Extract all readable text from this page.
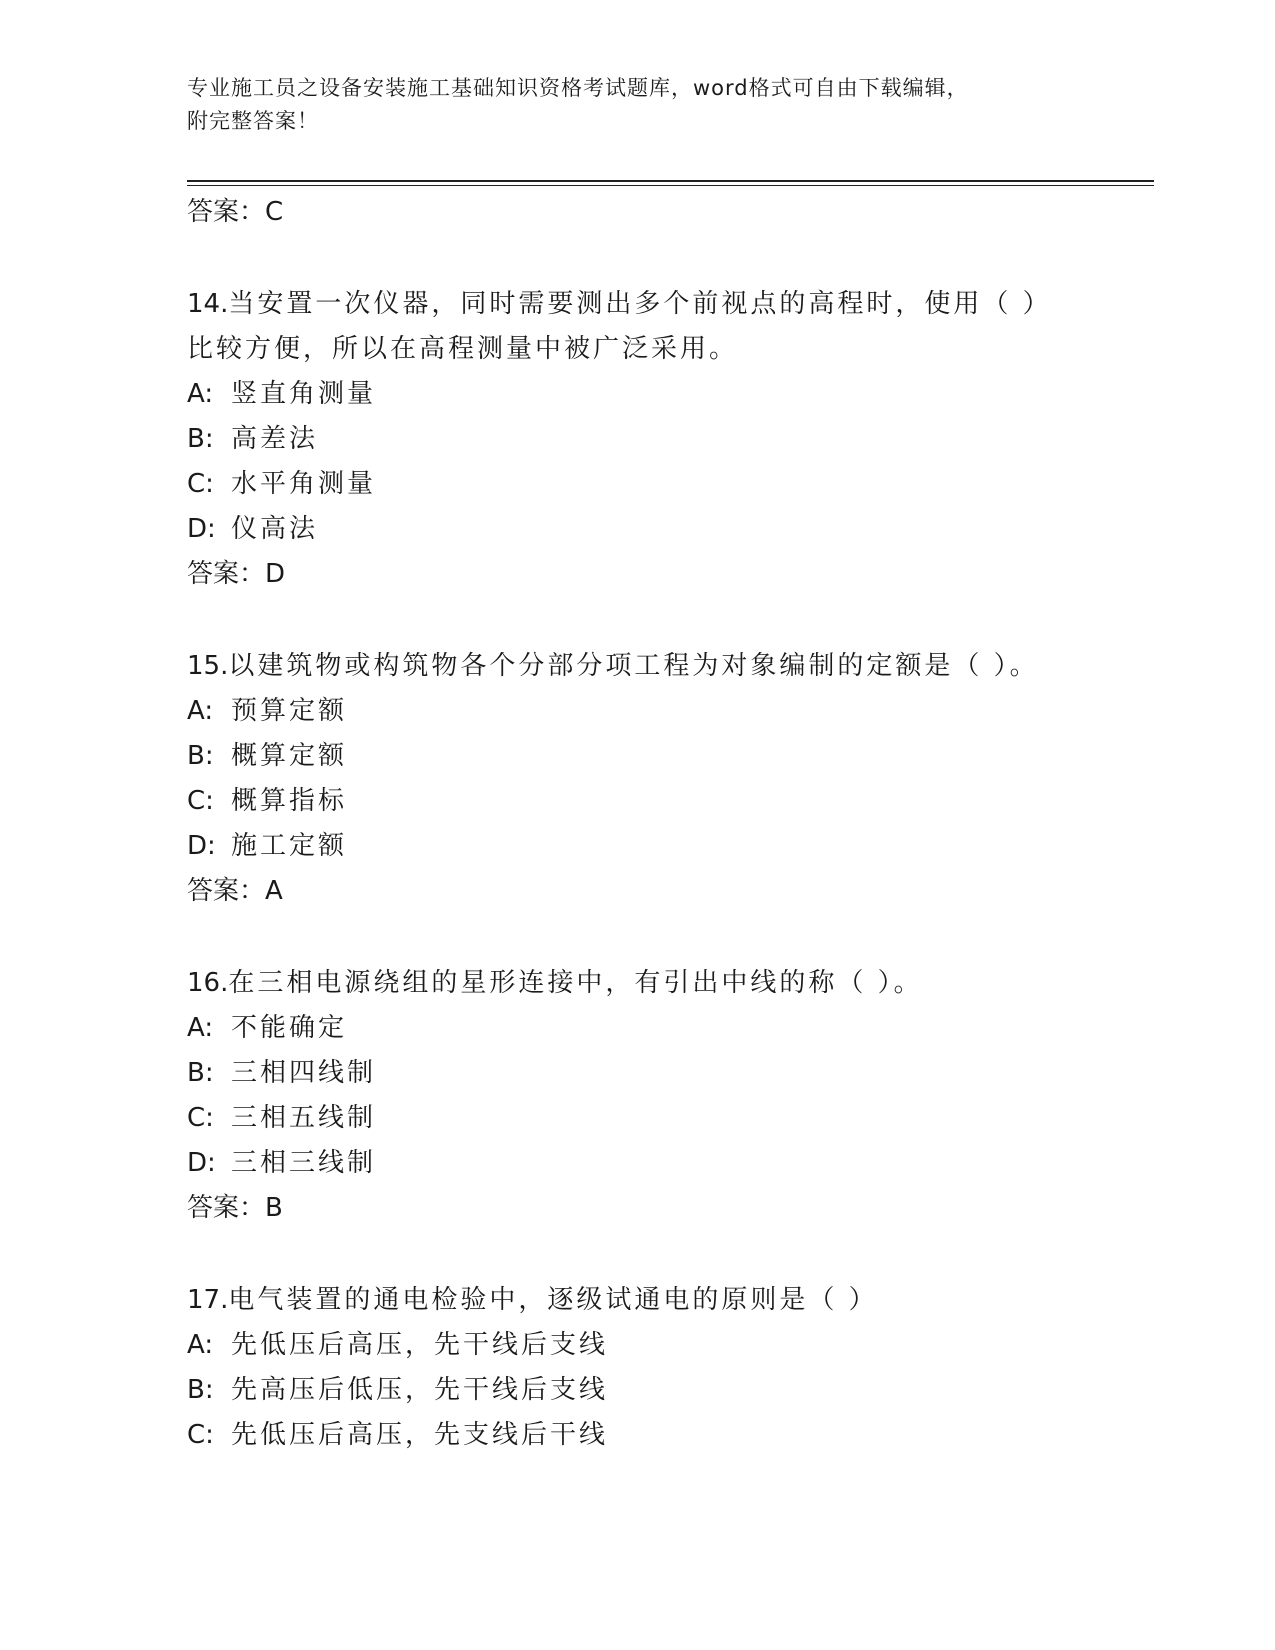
专业施工员之设备安装施工基础知识资格考试题库，word格式可自由下载编辑，
附完整答案！
答案：C
14.当安置一次仪器，同时需要测出多个前视点的高程时，使用（ ）
比较方便，所以在高程测量中被广泛采用。
A: 竖直角测量
B: 高差法
C: 水平角测量
D: 仪高法
答案：D
15.以建筑物或构筑物各个分部分项工程为对象编制的定额是（ ）。
A: 预算定额
B: 概算定额
C: 概算指标
D: 施工定额
答案：A
16.在三相电源绕组的星形连接中，有引出中线的称（ ）。
A: 不能确定
B: 三相四线制
C: 三相五线制
D: 三相三线制
答案：B
17.电气装置的通电检验中，逐级试通电的原则是（ ）
A: 先低压后高压，先干线后支线
B: 先高压后低压，先干线后支线
C: 先低压后高压，先支线后干线
